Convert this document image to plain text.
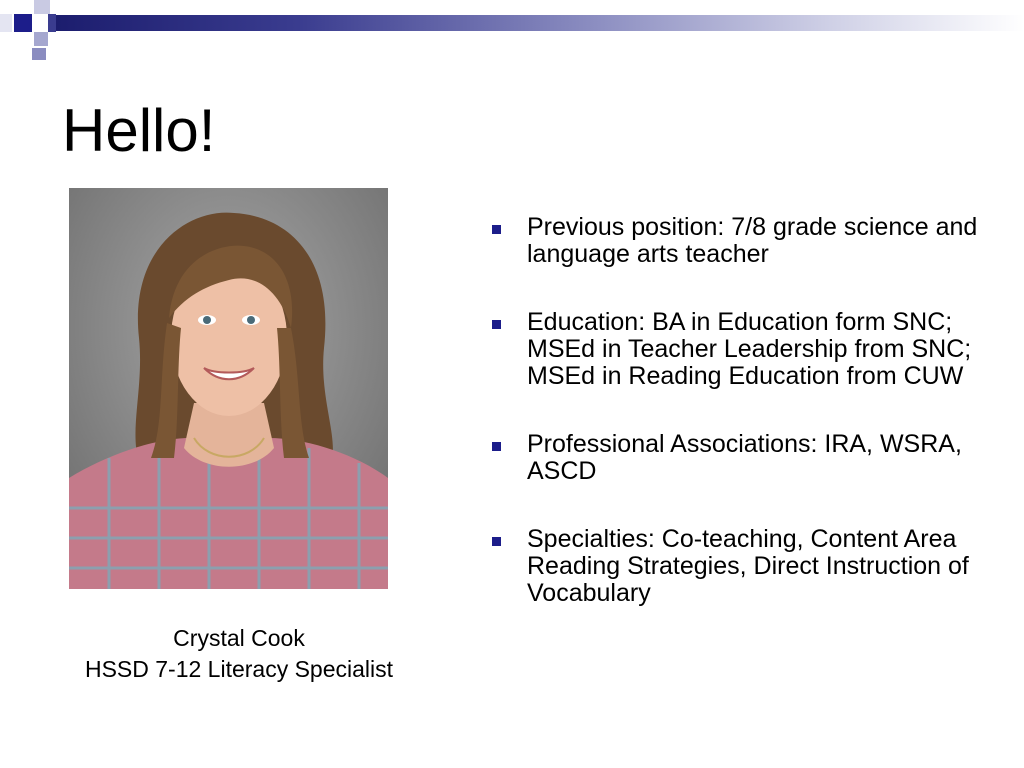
Hello!
Crystal Cook
HSSD 7-12 Literacy Specialist
Previous position: 7/8 grade science and language arts teacher
Education: BA in Education form SNC; MSEd in Teacher Leadership from SNC; MSEd in Reading Education from CUW
Professional Associations: IRA, WSRA, ASCD
Specialties: Co-teaching, Content Area Reading Strategies, Direct Instruction of Vocabulary
